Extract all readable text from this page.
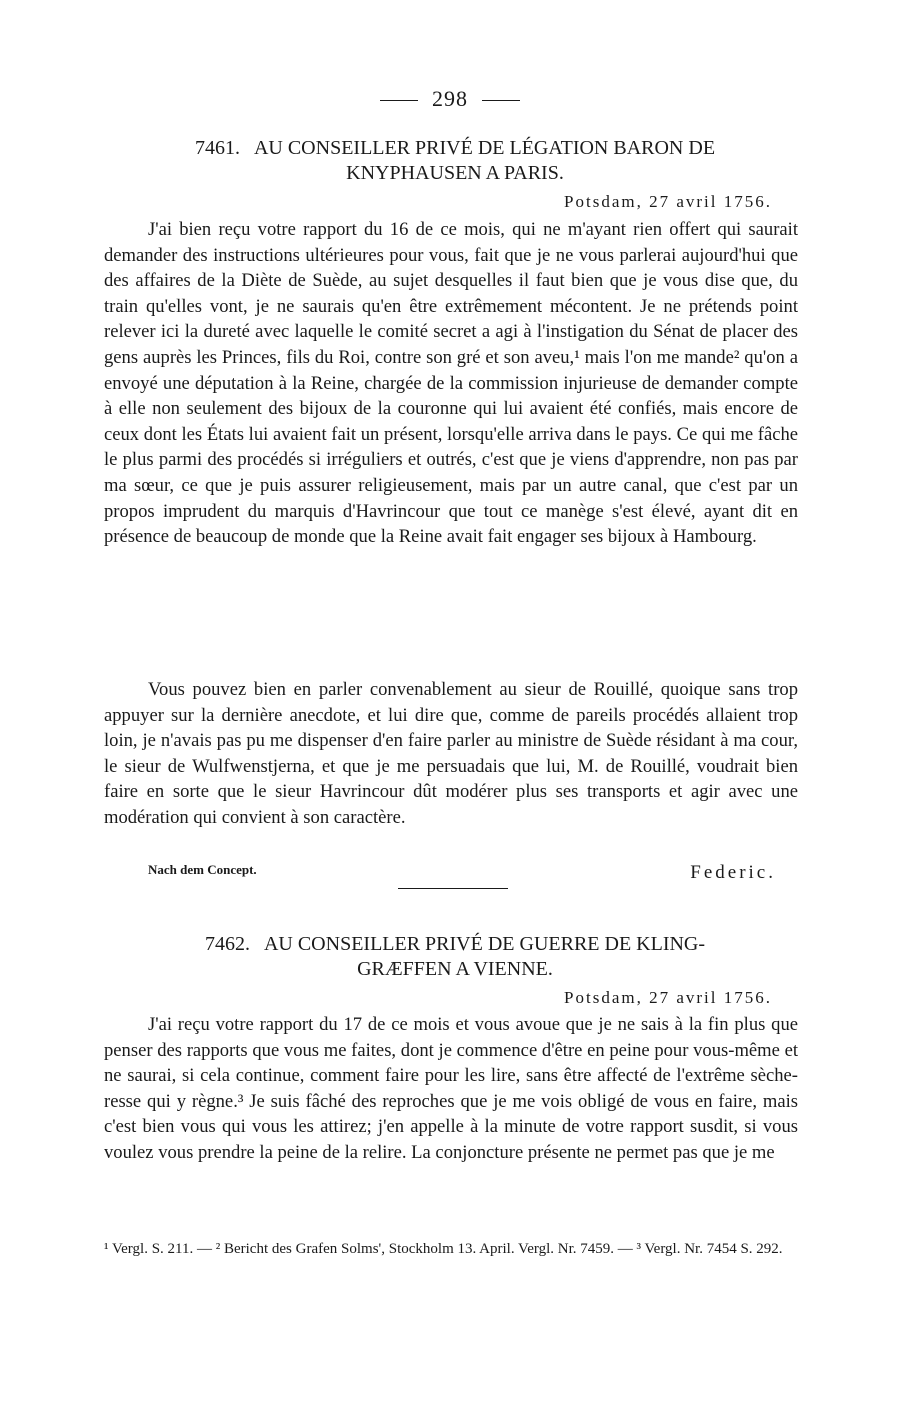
298
7461. AU CONSEILLER PRIVÉ DE LÉGATION BARON DE
KNYPHAUSEN A PARIS.
Potsdam, 27 avril 1756.

J'ai bien reçu votre rapport du 16 de ce mois, qui ne m'ayant rien offert qui saurait demander des instructions ultérieures pour vous, fait que je ne vous parlerai aujourd'hui que des affaires de la Diète de Suède, au sujet desquelles il faut bien que je vous dise que, du train qu'elles vont, je ne saurais qu'en être extrêmement mécontent. Je ne prétends point relever ici la dureté avec laquelle le comité secret a agi à l'instigation du Sénat de placer des gens auprès les Princes, fils du Roi, contre son gré et son aveu,¹ mais l'on me mande² qu'on a envoyé une députation à la Reine, chargée de la commission injurieuse de demander compte à elle non seulement des bijoux de la couronne qui lui avaient été confiés, mais encore de ceux dont les États lui avaient fait un présent, lorsqu'elle arriva dans le pays. Ce qui me fâche le plus parmi des procédés si irréguliers et outrés, c'est que je viens d'apprendre, non pas par ma sœur, ce que je puis assurer religieusement, mais par un autre canal, que c'est par un propos imprudent du marquis d'Havrincour que tout ce manège s'est élevé, ayant dit en présence de beaucoup de monde que la Reine avait fait engager ses bijoux à Hambourg.

Vous pouvez bien en parler convenablement au sieur de Rouillé, quoique sans trop appuyer sur la dernière anecdote, et lui dire que, comme de pareils procédés allaient trop loin, je n'avais pas pu me dispenser d'en faire parler au ministre de Suède résidant à ma cour, le sieur de Wulfwenstjerna, et que je me persuadais que lui, M. de Rouillé, voudrait bien faire en sorte que le sieur Havrincour dût modérer plus ses transports et agir avec une modération qui convient à son caractère.

Nach dem Concept.	Federic.
7462. AU CONSEILLER PRIVÉ DE GUERRE DE KLING-
GRÆFFEN A VIENNE.
Potsdam, 27 avril 1756.

J'ai reçu votre rapport du 17 de ce mois et vous avoue que je ne sais à la fin plus que penser des rapports que vous me faites, dont je commence d'être en peine pour vous-même et ne saurai, si cela continue, comment faire pour les lire, sans être affecté de l'extrême sècheresse qui y règne.³ Je suis fâché des reproches que je me vois obligé de vous en faire, mais c'est bien vous qui vous les attirez; j'en appelle à la minute de votre rapport susdit, si vous voulez vous prendre la peine de la relire. La conjoncture présente ne permet pas que je me

¹ Vergl. S. 211. — ² Bericht des Grafen Solms', Stockholm 13. April. Vergl. Nr. 7459. — ³ Vergl. Nr. 7454 S. 292.
